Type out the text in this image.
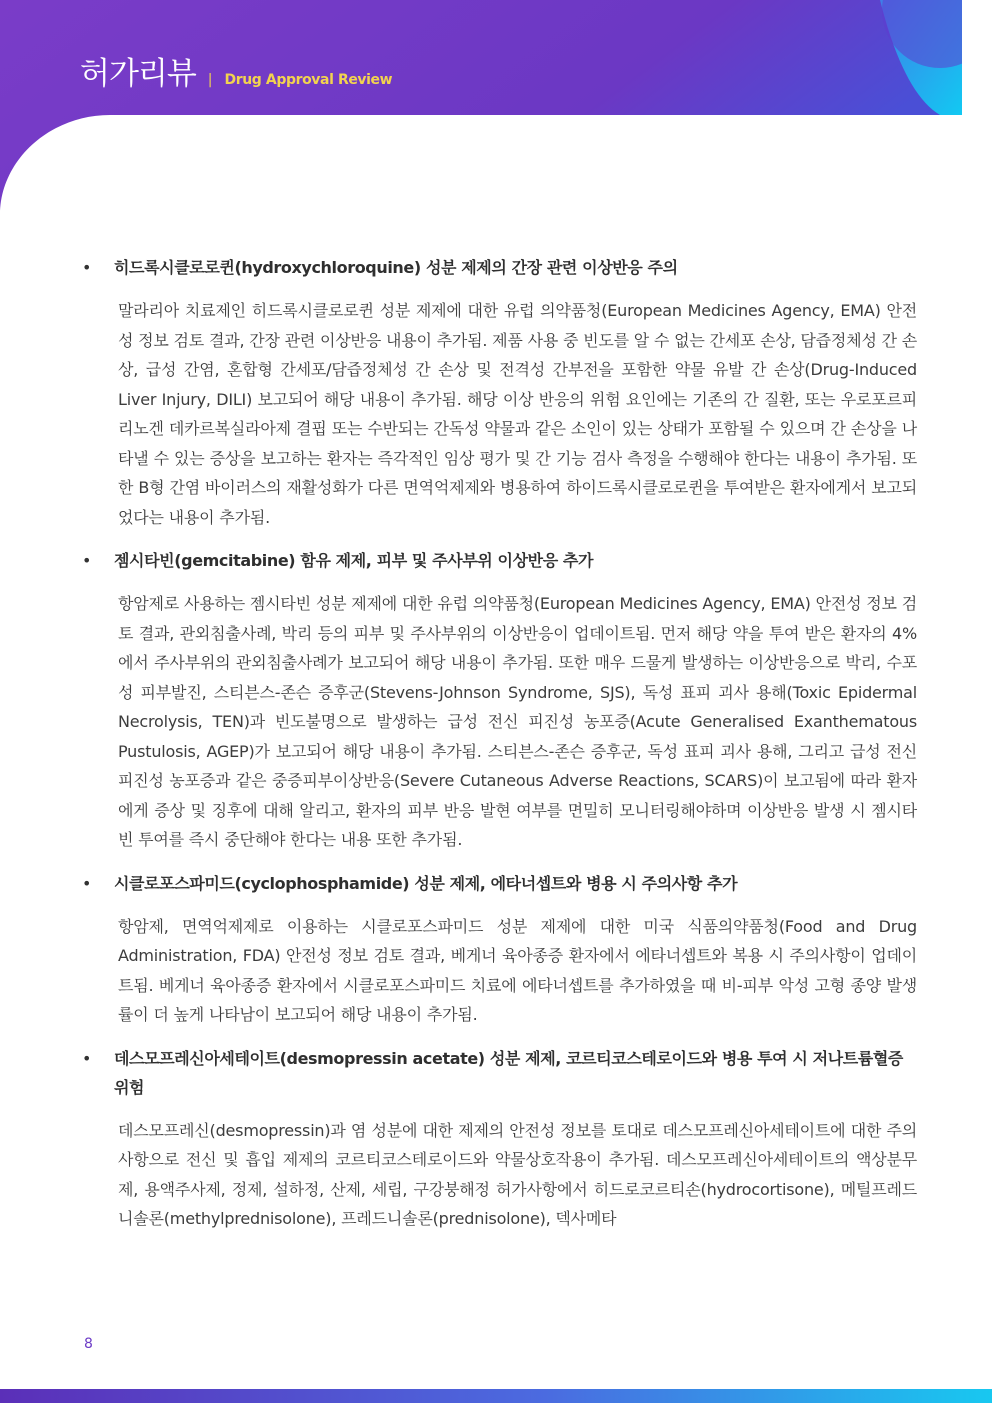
허가리뷰 | Drug Approval Review
•	히드록시클로로퀸(hydroxychloroquine) 성분 제제의 간장 관련 이상반응 주의
말라리아 치료제인 히드록시클로로퀸 성분 제제에 대한 유럽 의약품청(European Medicines Agency, EMA) 안전성 정보 검토 결과, 간장 관련 이상반응 내용이 추가됨. 제품 사용 중 빈도를 알 수 없는 간세포 손상, 담즙정체성 간 손상, 급성 간염, 혼합형 간세포/담즙정체성 간 손상 및 전격성 간부전을 포함한 약물 유발 간 손상(Drug-Induced Liver Injury, DILI) 보고되어 해당 내용이 추가됨. 해당 이상 반응의 위험 요인에는 기존의 간 질환, 또는 우로포르피리노겐 데카르복실라아제 결핍 또는 수반되는 간독성 약물과 같은 소인이 있는 상태가 포함될 수 있으며 간 손상을 나타낼 수 있는 증상을 보고하는 환자는 즉각적인 임상 평가 및 간 기능 검사 측정을 수행해야 한다는 내용이 추가됨. 또한 B형 간염 바이러스의 재활성화가 다른 면역억제제와 병용하여 하이드록시클로로퀸을 투여받은 환자에게서 보고되었다는 내용이 추가됨.
•	젬시타빈(gemcitabine) 함유 제제, 피부 및 주사부위 이상반응 추가
항암제로 사용하는 젬시타빈 성분 제제에 대한 유럽 의약품청(European Medicines Agency, EMA) 안전성 정보 검토 결과, 관외침출사례, 박리 등의 피부 및 주사부위의 이상반응이 업데이트됨. 먼저 해당 약을 투여 받은 환자의 4%에서 주사부위의 관외침출사례가 보고되어 해당 내용이 추가됨. 또한 매우 드물게 발생하는 이상반응으로 박리, 수포성 피부발진, 스티븐스-존슨 증후군(Stevens-Johnson Syndrome, SJS), 독성 표피 괴사 용해(Toxic Epidermal Necrolysis, TEN)과 빈도불명으로 발생하는 급성 전신 피진성 농포증(Acute Generalised Exanthematous Pustulosis, AGEP)가 보고되어 해당 내용이 추가됨. 스티븐스-존슨 증후군, 독성 표피 괴사 용해, 그리고 급성 전신 피진성 농포증과 같은 중증피부이상반응(Severe Cutaneous Adverse Reactions, SCARS)이 보고됨에 따라 환자에게 증상 및 징후에 대해 알리고, 환자의 피부 반응 발현 여부를 면밀히 모니터링해야하며 이상반응 발생 시 젬시타빈 투여를 즉시 중단해야 한다는 내용 또한 추가됨.
•	시클로포스파미드(cyclophosphamide) 성분 제제, 에타너셉트와 병용 시 주의사항 추가
항암제, 면역억제제로 이용하는 시클로포스파미드 성분 제제에 대한 미국 식품의약품청(Food and Drug Administration, FDA) 안전성 정보 검토 결과, 베게너 육아종증 환자에서 에타너셉트와 복용 시 주의사항이 업데이트됨. 베게너 육아종증 환자에서 시클로포스파미드 치료에 에타너셉트를 추가하였을 때 비-피부 악성 고형 종양 발생률이 더 높게 나타남이 보고되어 해당 내용이 추가됨.
•	데스모프레신아세테이트(desmopressin acetate) 성분 제제, 코르티코스테로이드와 병용 투여 시 저나트륨혈증 위험
데스모프레신(desmopressin)과 염 성분에 대한 제제의 안전성 정보를 토대로 데스모프레신아세테이트에 대한 주의사항으로 전신 및 흡입 제제의 코르티코스테로이드와 약물상호작용이 추가됨. 데스모프레신아세테이트의 액상분무제, 용액주사제, 정제, 설하정, 산제, 세립, 구강붕해정 허가사항에서 히드로코르티손(hydrocortisone), 메틸프레드니솔론(methylprednisolone), 프레드니솔론(prednisolone), 덱사메타
8
